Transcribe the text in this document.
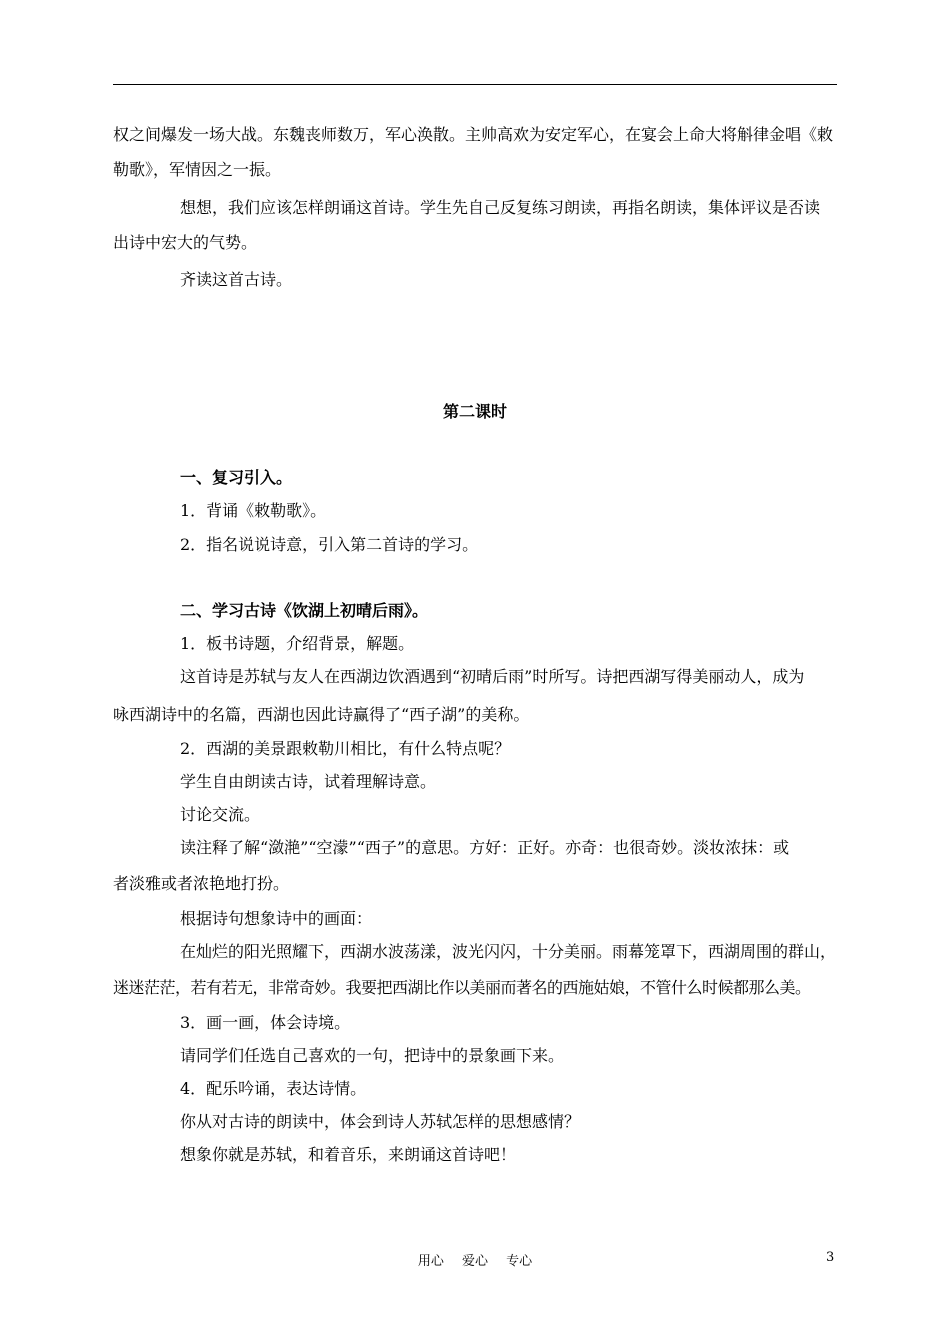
权之间爆发一场大战。东魏丧师数万，军心涣散。主帅高欢为安定军心，在宴会上命大将斛律金唱《敕
勒歌》，军情因之一振。
想想，我们应该怎样朗诵这首诗。学生先自己反复练习朗读，再指名朗读，集体评议是否读
出诗中宏大的气势。
齐读这首古诗。
第二课时
一、复习引入。
1．背诵《敕勒歌》。
2．指名说说诗意，引入第二首诗的学习。
二、学习古诗《饮湖上初晴后雨》。
1．板书诗题，介绍背景，解题。
这首诗是苏轼与友人在西湖边饮酒遇到“初晴后雨”时所写。诗把西湖写得美丽动人，成为
咏西湖诗中的名篇，西湖也因此诗赢得了“西子湖”的美称。
2．西湖的美景跟敕勒川相比，有什么特点呢？
学生自由朗读古诗，试着理解诗意。
讨论交流。
读注释了解“潋滟”“空濛”“西子”的意思。方好：正好。亦奇：也很奇妙。淡妆浓抹：或
者淡雅或者浓艳地打扮。
根据诗句想象诗中的画面：
在灿烂的阳光照耀下，西湖水波荡漾，波光闪闪，十分美丽。雨幕笼罩下，西湖周围的群山，
迷迷茫茫，若有若无，非常奇妙。我要把西湖比作以美丽而著名的西施姑娘，不管什么时候都那么美。
3．画一画，体会诗境。
请同学们任选自己喜欢的一句，把诗中的景象画下来。
4．配乐吟诵，表达诗情。
你从对古诗的朗读中，体会到诗人苏轼怎样的思想感情？
想象你就是苏轼，和着音乐，来朗诵这首诗吧！
用心 爱心 专心	3
